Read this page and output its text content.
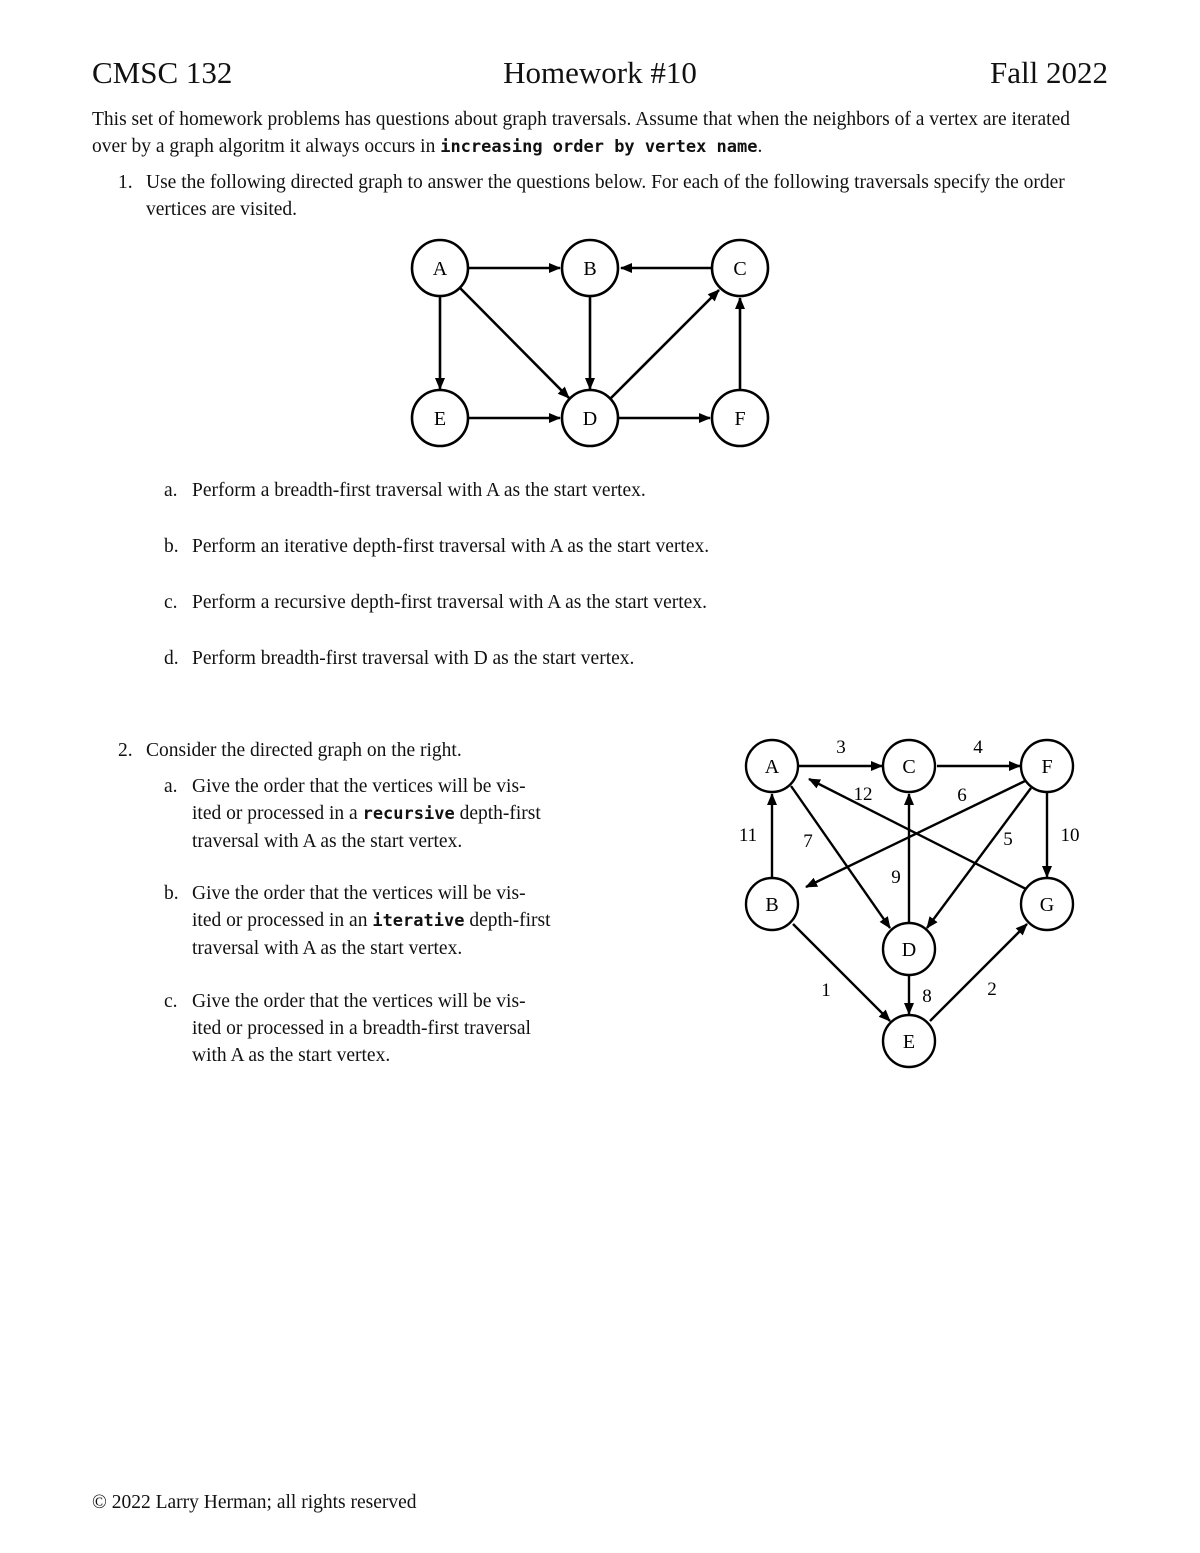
CMSC 132	Homework #10	Fall 2022
This set of homework problems has questions about graph traversals. Assume that when the neighbors of a vertex are iterated over by a graph algoritm it always occurs in increasing order by vertex name.
1. Use the following directed graph to answer the questions below. For each of the following traversals specify the order vertices are visited.
A	B	C
D
E	F
a. Perform a breadth-first traversal with A as the start vertex.
b. Perform an iterative depth-first traversal with A as the start vertex.
c. Perform a recursive depth-first traversal with A as the start vertex.
d. Perform breadth-first traversal with D as the start vertex.
2. Consider the directed graph on the right.
a. Give the order that the vertices will be vis-
ited or processed in a recursive depth-first
traversal with A as the start vertex.
b. Give the order that the vertices will be vis-
ited or processed in an iterative depth-first
traversal with A as the start vertex.
c. Give the order that the vertices will be vis-
ited or processed in a breadth-first traversal
with A as the start vertex.
A	C	F
B	G
D
E
3	4
12	6
11 7	5	10
9
1	8	2
© 2022 Larry Herman; all rights reserved
